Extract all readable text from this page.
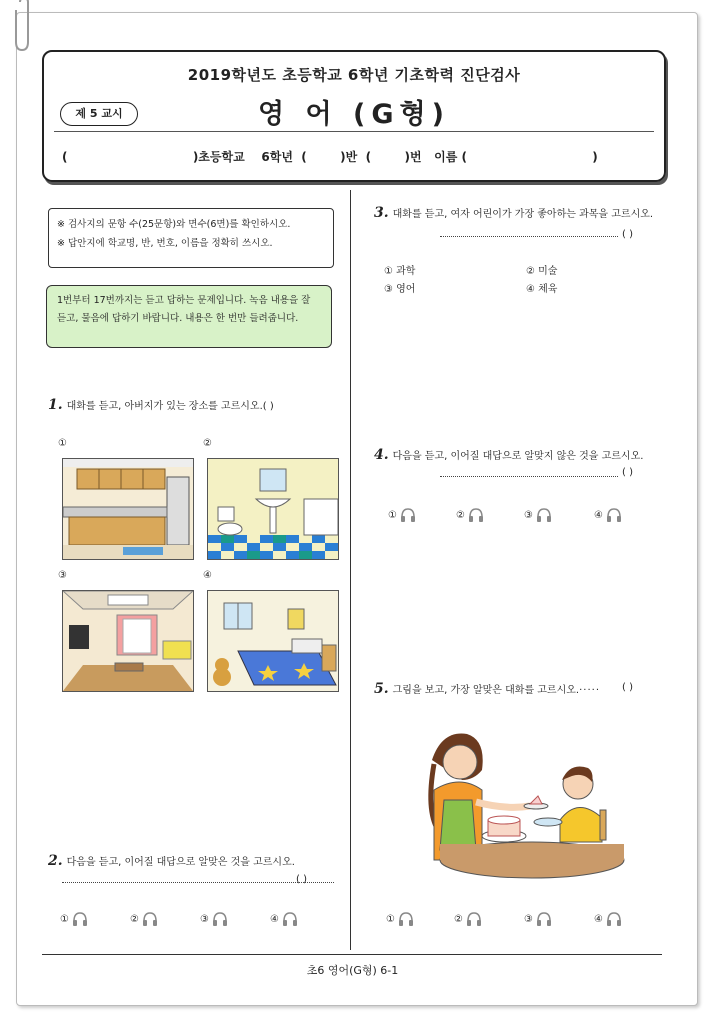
2019학년도 초등학교 6학년 기초학력 진단검사
제 5 교시	영 어 (G형)
(                              )초등학교    6학년  (        )반  (        )번   이름 (                              )
※ 검사지의 문항 수(25문항)와 면수(6면)를 확인하시오.
※ 답안지에 학교명, 반, 번호, 이름을 정확히 쓰시오.
1번부터 17번까지는 듣고 답하는 문제입니다. 녹음 내용을 잘 듣고, 물음에 답하기 바랍니다. 내용은 한 번만 들려줍니다.
1. 대화를 듣고, 아버지가 있는 장소를 고르시오.( )
①	②
③	④
2. 다음을 듣고, 이어질 대답으로 알맞은 것을 고르시오.
( )
①	②	③	④
3. 대화를 듣고, 여자 어린이가 가장 좋아하는 과목을 고르시오.
( )
① 과학	② 미술
③ 영어	④ 체육
4. 다음을 듣고, 이어질 대답으로 알맞지 않은 것을 고르시오.
( )
①	②	③	④
5. 그림을 보고, 가장 알맞은 대화를 고르시오.·····	( )
①	②	③	④
초6 영어(G형) 6-1
